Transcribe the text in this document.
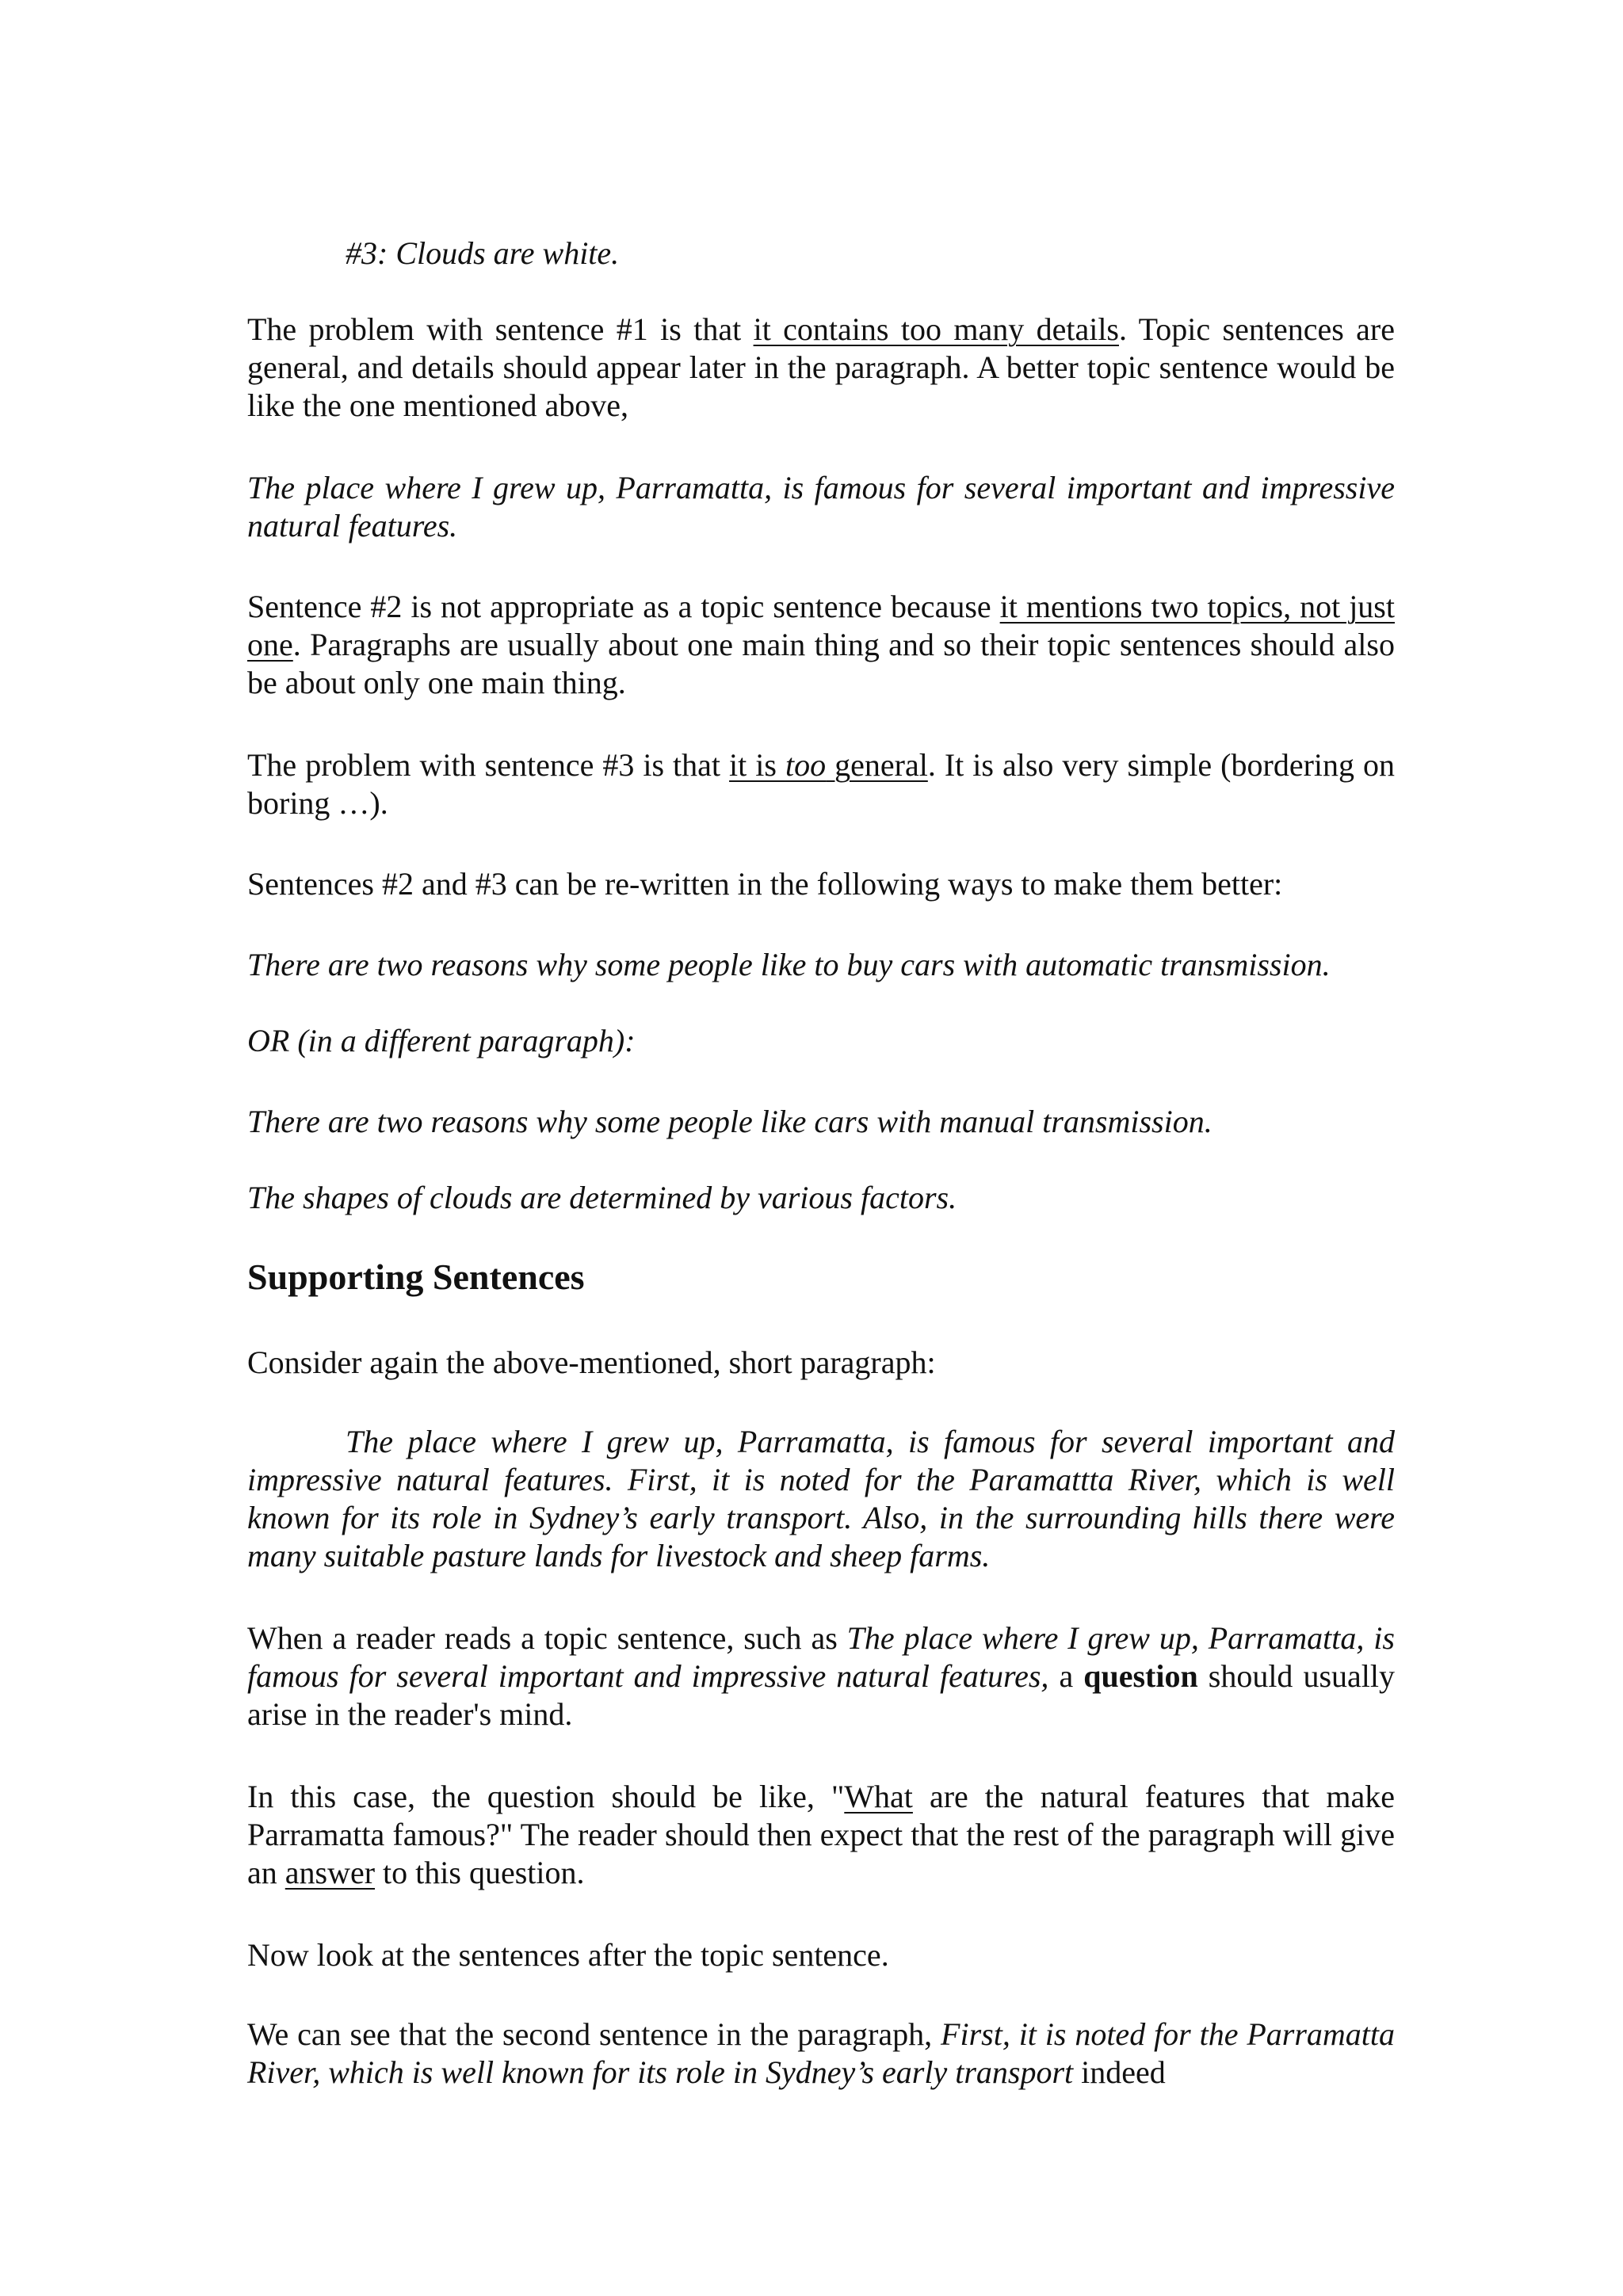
#3: Clouds are white.

The problem with sentence #1 is that it contains too many details. Topic sentences are general, and details should appear later in the paragraph. A better topic sentence would be like the one mentioned above,

The place where I grew up, Parramatta, is famous for several important and impressive natural features.

Sentence #2 is not appropriate as a topic sentence because it mentions two topics, not just one. Paragraphs are usually about one main thing and so their topic sentences should also be about only one main thing.

The problem with sentence #3 is that it is too general. It is also very simple (bordering on boring …).

Sentences #2 and #3 can be re-written in the following ways to make them better:

There are two reasons why some people like to buy cars with automatic transmission.

OR (in a different paragraph):

There are two reasons why some people like cars with manual transmission.

The shapes of clouds are determined by various factors.

Supporting Sentences

Consider again the above-mentioned, short paragraph:

The place where I grew up, Parramatta, is famous for several important and impressive natural features. First, it is noted for the Paramattta River, which is well known for its role in Sydney’s early transport. Also, in the surrounding hills there were many suitable pasture lands for livestock and sheep farms.

When a reader reads a topic sentence, such as The place where I grew up, Parramatta, is famous for several important and impressive natural features, a question should usually arise in the reader's mind.

In this case, the question should be like, "What are the natural features that make Parramatta famous?" The reader should then expect that the rest of the paragraph will give an answer to this question.

Now look at the sentences after the topic sentence.

We can see that the second sentence in the paragraph, First, it is noted for the Parramatta River, which is well known for its role in Sydney’s early transport indeed
